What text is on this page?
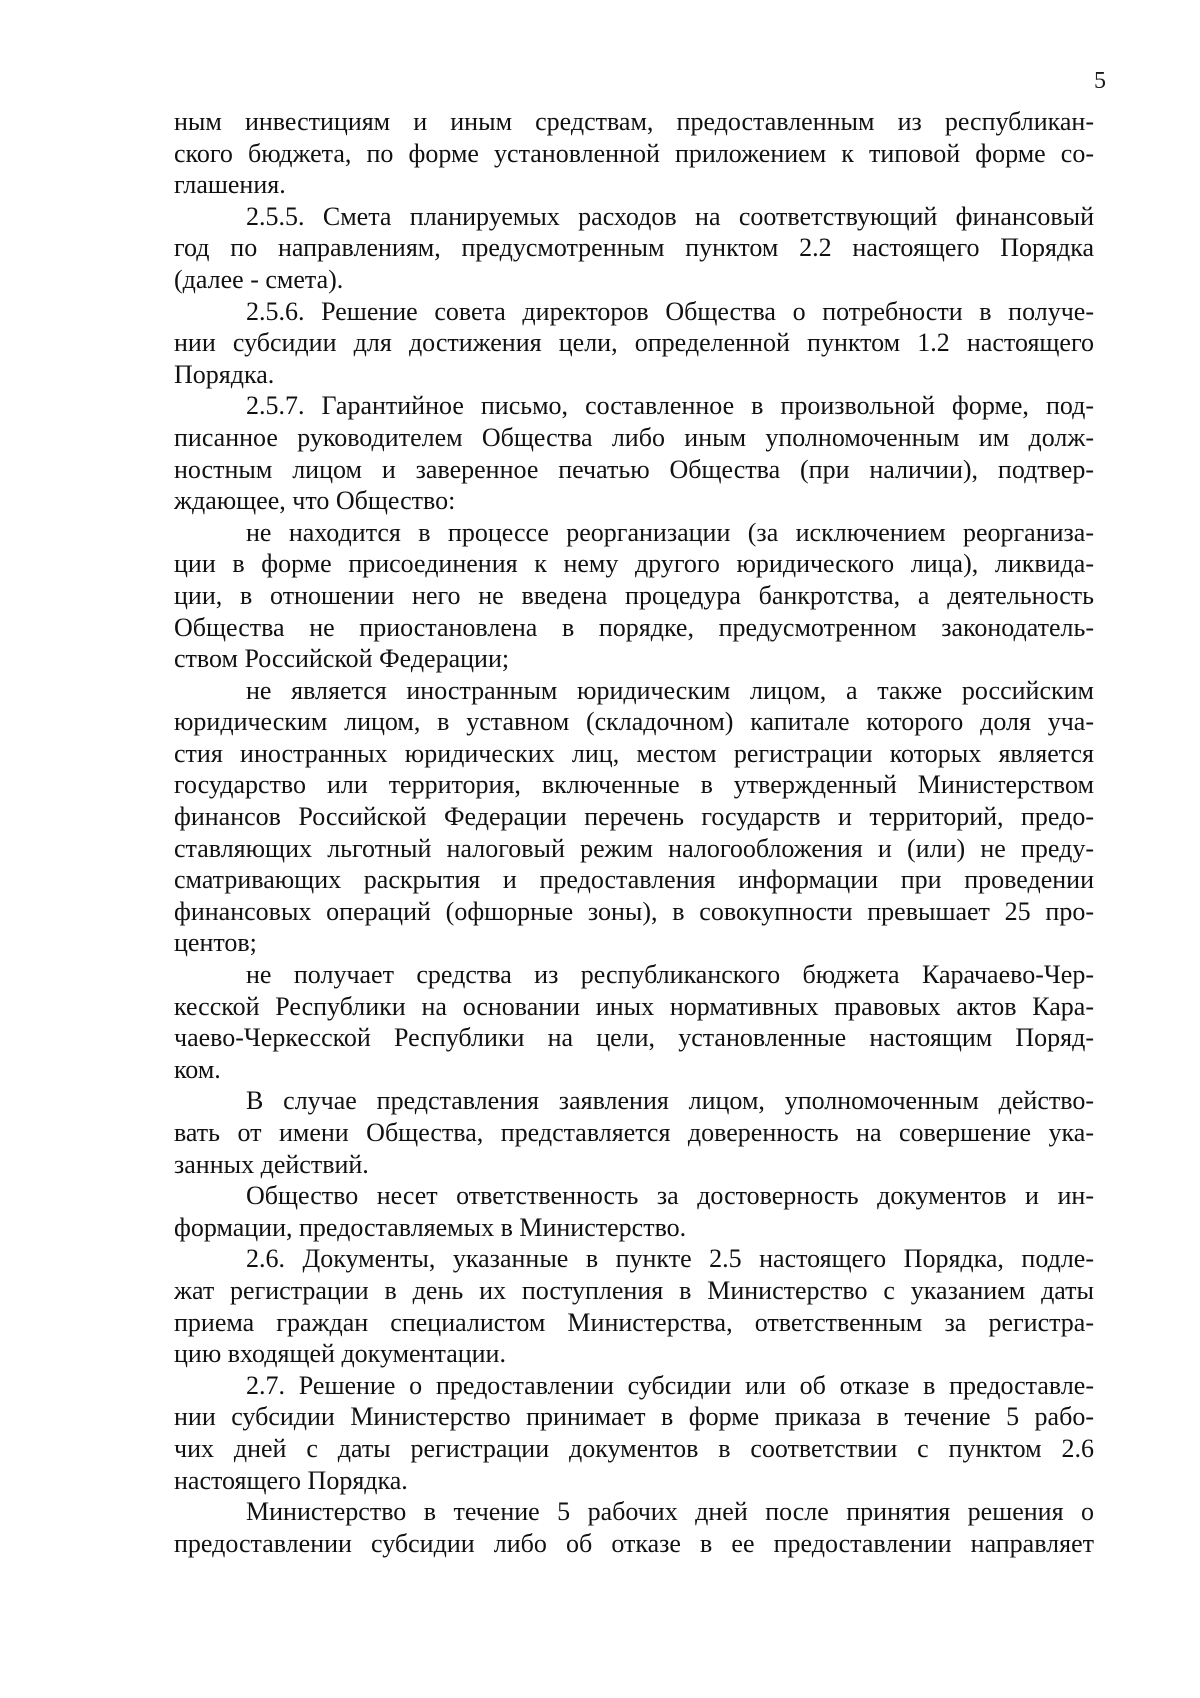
5
ным инвестициям и иным средствам, предоставленным из республикан-
ского бюджета, по форме установленной приложением к типовой форме со-
глашения.
2.5.5. Смета планируемых расходов на соответствующий финансовый
год по направлениям, предусмотренным пунктом 2.2 настоящего Порядка
(далее - смета).
2.5.6. Решение совета директоров Общества о потребности в получе-
нии субсидии для достижения цели, определенной пунктом 1.2 настоящего
Порядка.
2.5.7. Гарантийное письмо, составленное в произвольной форме, под-
писанное руководителем Общества либо иным уполномоченным им долж-
ностным лицом и заверенное печатью Общества (при наличии), подтвер-
ждающее, что Общество:
не находится в процессе реорганизации (за исключением реорганиза-
ции в форме присоединения к нему другого юридического лица), ликвида-
ции, в отношении него не введена процедура банкротства, а деятельность
Общества не приостановлена в порядке, предусмотренном законодатель-
ством Российской Федерации;
не является иностранным юридическим лицом, а также российским
юридическим лицом, в уставном (складочном) капитале которого доля уча-
стия иностранных юридических лиц, местом регистрации которых является
государство или территория, включенные в утвержденный Министерством
финансов Российской Федерации перечень государств и территорий, предо-
ставляющих льготный налоговый режим налогообложения и (или) не преду-
сматривающих раскрытия и предоставления информации при проведении
финансовых операций (офшорные зоны), в совокупности превышает 25 про-
центов;
не получает средства из республиканского бюджета Карачаево-Чер-
кесской Республики на основании иных нормативных правовых актов Кара-
чаево-Черкесской Республики на цели, установленные настоящим Поряд-
ком.
В случае представления заявления лицом, уполномоченным действо-
вать от имени Общества, представляется доверенность на совершение ука-
занных действий.
Общество несет ответственность за достоверность документов и ин-
формации, предоставляемых в Министерство.
2.6. Документы, указанные в пункте 2.5 настоящего Порядка, подле-
жат регистрации в день их поступления в Министерство с указанием даты
приема граждан специалистом Министерства, ответственным за регистра-
цию входящей документации.
2.7. Решение о предоставлении субсидии или об отказе в предоставле-
нии субсидии Министерство принимает в форме приказа в течение 5 рабо-
чих дней с даты регистрации документов в соответствии с пунктом 2.6
настоящего Порядка.
Министерство в течение 5 рабочих дней после принятия решения о
предоставлении субсидии либо об отказе в ее предоставлении направляет
